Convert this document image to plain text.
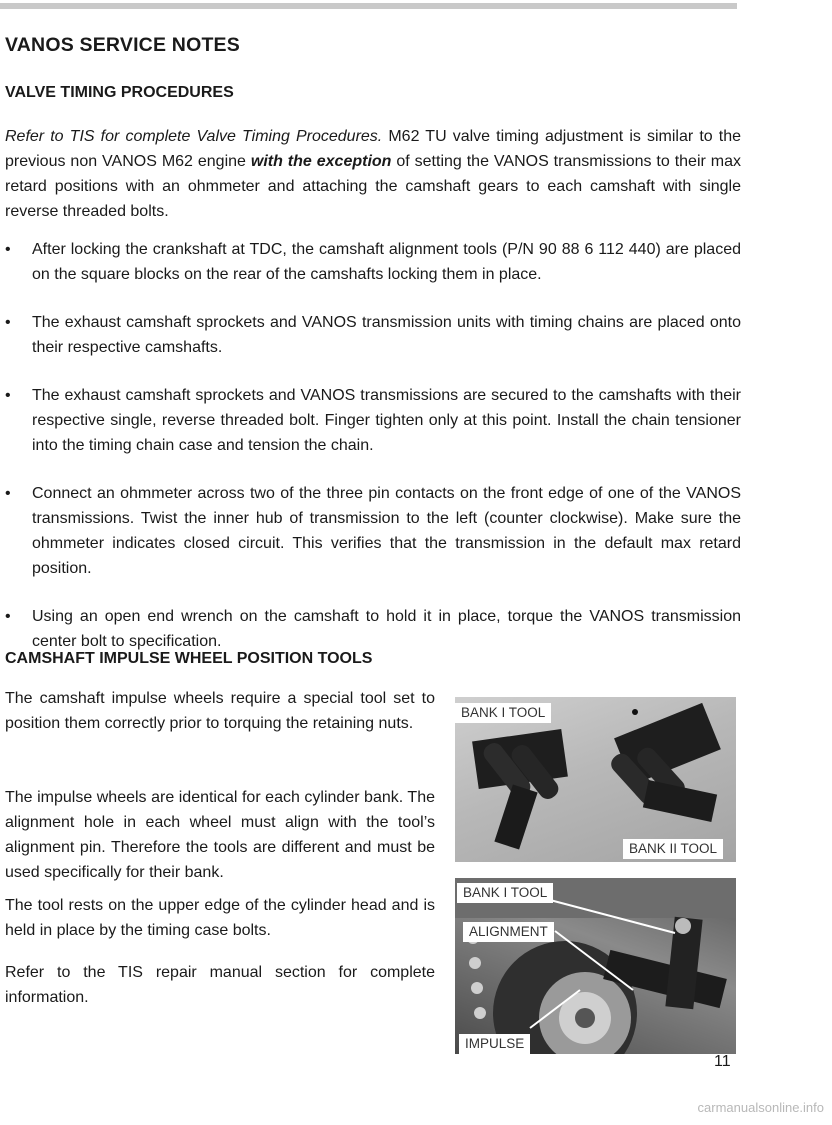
VANOS SERVICE NOTES
VALVE TIMING PROCEDURES

Refer to TIS for complete Valve Timing Procedures. M62 TU valve timing adjustment is similar to the previous non VANOS M62 engine with the exception of setting the VANOS transmissions to their max retard positions with an ohmmeter and attaching the camshaft gears to each camshaft with single reverse threaded bolts.

• After locking the crankshaft at TDC, the camshaft alignment tools (P/N 90 88 6 112 440) are placed on the square blocks on the rear of the camshafts locking them in place.
• The exhaust camshaft sprockets and VANOS transmission units with timing chains are placed onto their respective camshafts.
• The exhaust camshaft sprockets and VANOS transmissions are secured to the camshafts with their respective single, reverse threaded bolt. Finger tighten only at this point. Install the chain tensioner into the timing chain case and tension the chain.
• Connect an ohmmeter across two of the three pin contacts on the front edge of one of the VANOS transmissions. Twist the inner hub of transmission to the left (counter clockwise). Make sure the ohmmeter indicates closed circuit. This verifies that the transmission in the default max retard position.
• Using an open end wrench on the camshaft to hold it in place, torque the VANOS transmission center bolt to specification.
CAMSHAFT IMPULSE WHEEL POSITION TOOLS

The camshaft impulse wheels require a special tool set to position them correctly prior to torquing the retaining nuts.

The impulse wheels are identical for each cylinder bank. The alignment hole in each wheel must align with the tool’s alignment pin. Therefore the tools are different and must be used specifically for their bank.

The tool rests on the upper edge of the cylinder head and is held in place by the timing case bolts.

Refer to the TIS repair manual section for complete information.

BANK I TOOL
BANK II TOOL
BANK I TOOL
ALIGNMENT
IMPULSE
11
carmanualsonline.info
